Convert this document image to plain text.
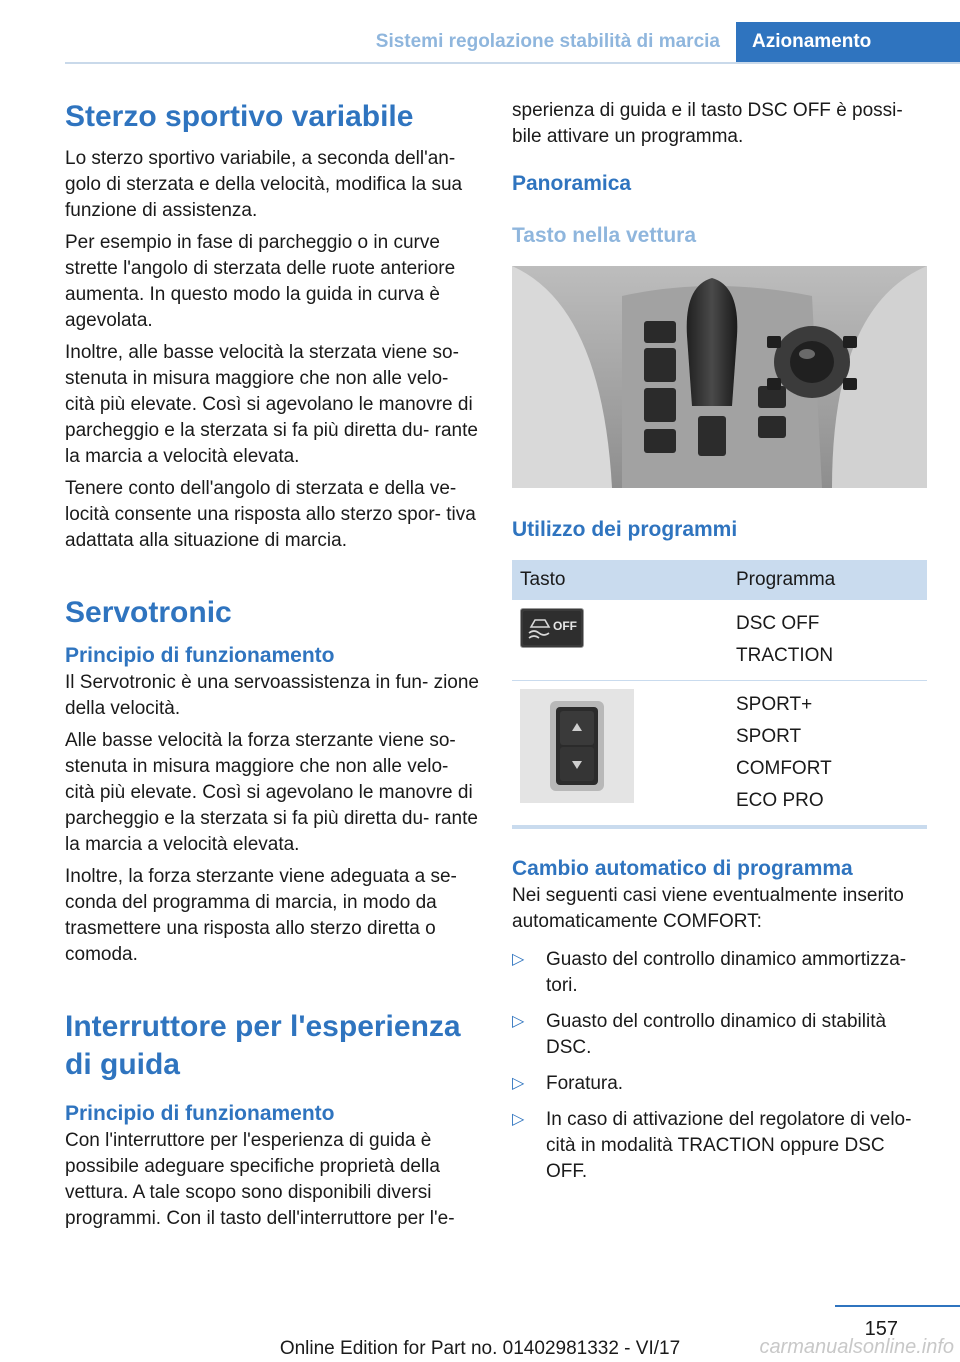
Sistemi regolazione stabilità di marcia	Azionamento
Sterzo sportivo variabile

Lo sterzo sportivo variabile, a seconda dell'an‐ golo di sterzata e della velocità, modifica la sua funzione di assistenza.

Per esempio in fase di parcheggio o in curve strette l'angolo di sterzata delle ruote anteriore aumenta. In questo modo la guida in curva è agevolata.

Inoltre, alle basse velocità la sterzata viene so‐ stenuta in misura maggiore che non alle velo‐ cità più elevate. Così si agevolano le manovre di parcheggio e la sterzata si fa più diretta du‐ rante la marcia a velocità elevata.

Tenere conto dell'angolo di sterzata e della ve‐ locità consente una risposta allo sterzo spor‐ tiva adattata alla situazione di marcia.

Servotronic
Principio di funzionamento

Il Servotronic è una servoassistenza in fun‐ zione della velocità.

Alle basse velocità la forza sterzante viene so‐ stenuta in misura maggiore che non alle velo‐ cità più elevate. Così si agevolano le manovre di parcheggio e la sterzata si fa più diretta du‐ rante la marcia a velocità elevata.

Inoltre, la forza sterzante viene adeguata a se‐ conda del programma di marcia, in modo da trasmettere una risposta allo sterzo diretta o comoda.

Interruttore per l'esperienza di guida
Principio di funzionamento

Con l'interruttore per l'esperienza di guida è possibile adeguare specifiche proprietà della vettura. A tale scopo sono disponibili diversi programmi. Con il tasto dell'interruttore per l'e‐

sperienza di guida e il tasto DSC OFF è possi‐ bile attivare un programma.

Panoramica
Tasto nella vettura
Utilizzo dei programmi
Tasto	Programma

OFF	DSC OFF
TRACTION

SPORT+
SPORT
COMFORT
ECO PRO
Cambio automatico di programma

Nei seguenti casi viene eventualmente inserito automaticamente COMFORT:

▷ Guasto del controllo dinamico ammortizza‐ tori.
▷ Guasto del controllo dinamico di stabilità DSC.
▷ Foratura.
▷ In caso di attivazione del regolatore di velo‐ cità in modalità TRACTION oppure DSC OFF.
157
Online Edition for Part no. 01402981332 - VI/17	carmanualsonline.info
